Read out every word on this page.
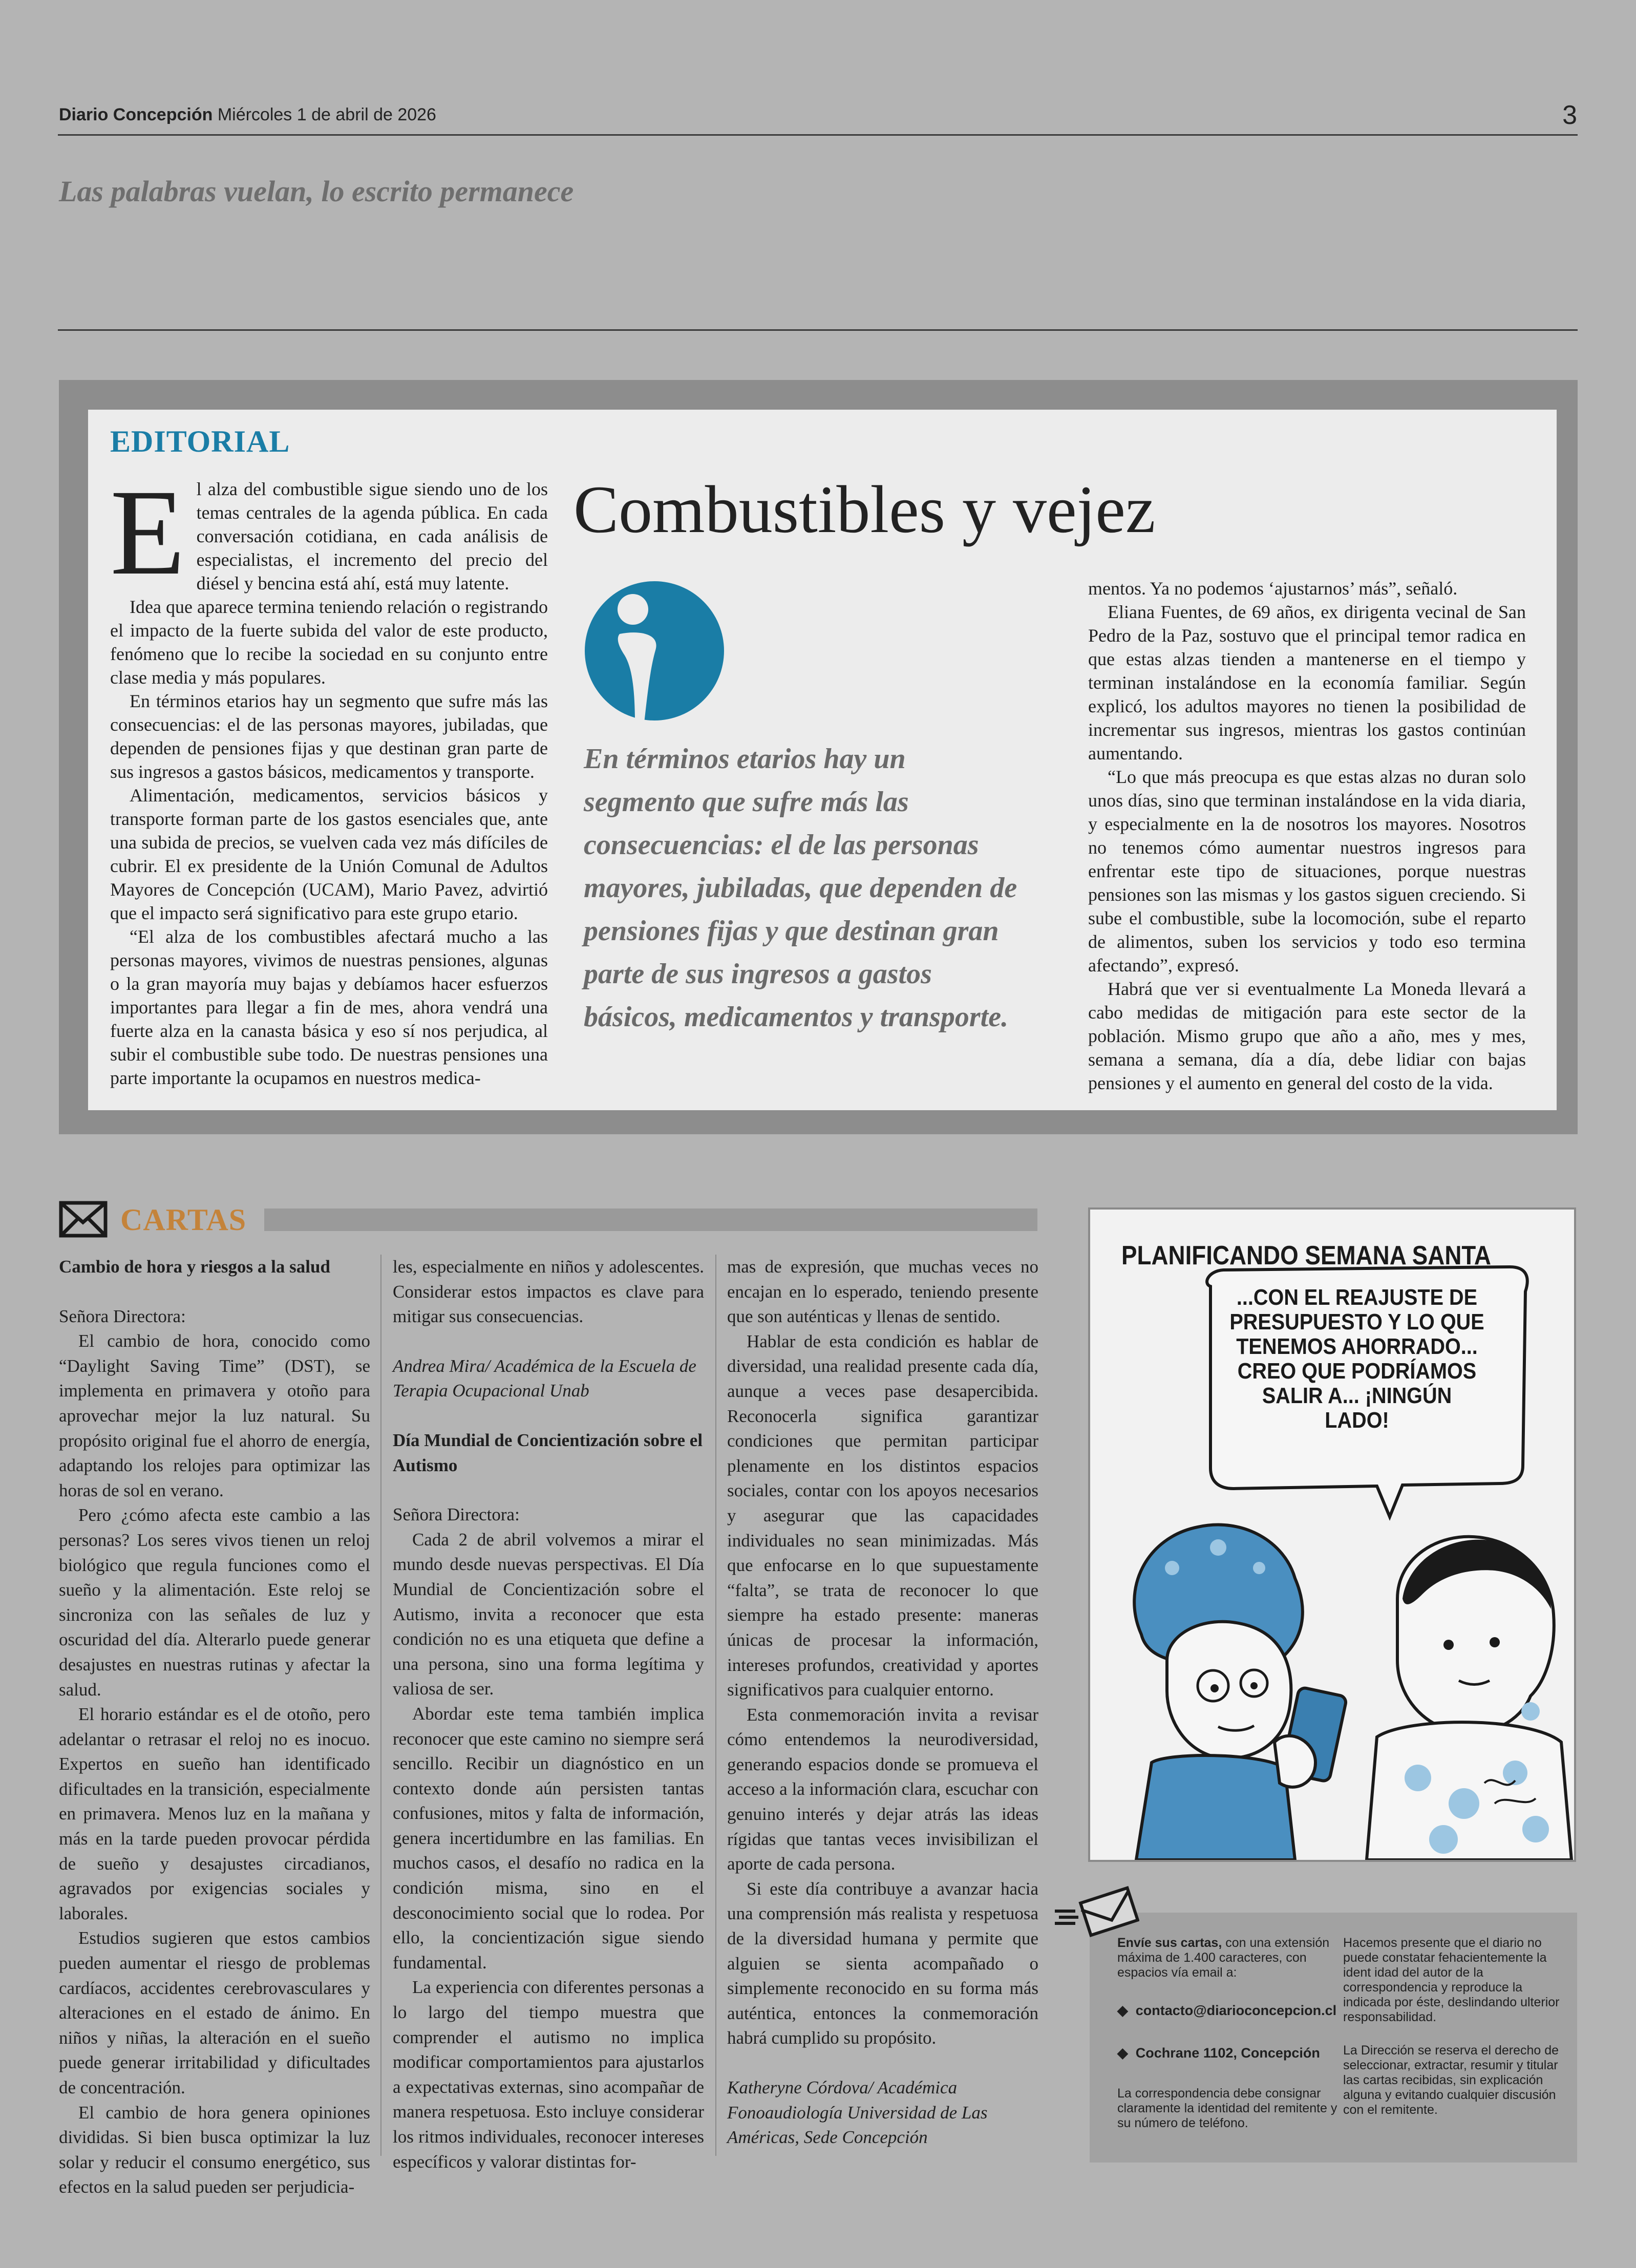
Diario Concepción Miércoles 1 de abril de 2026	3
Las palabras vuelan, lo escrito permanece
EDITORIAL
Combustibles y vejez

El alza del combustible sigue siendo uno de los temas centrales de la agenda pública. En cada conversación cotidiana, en cada análisis de especialistas, el incremento del precio del diésel y bencina está ahí, está muy latente.

Idea que aparece termina teniendo relación o registrando el impacto de la fuerte subida del valor de este producto, fenómeno que lo recibe la sociedad en su conjunto entre clase media y más populares.

En términos etarios hay un segmento que sufre más las consecuencias: el de las personas mayores, jubiladas, que dependen de pensiones fijas y que destinan gran parte de sus ingresos a gastos básicos, medicamentos y transporte.

Alimentación, medicamentos, servicios básicos y transporte forman parte de los gastos esenciales que, ante una subida de precios, se vuelven cada vez más difíciles de cubrir. El ex presidente de la Unión Comunal de Adultos Mayores de Concepción (UCAM), Mario Pavez, advirtió que el impacto será significativo para este grupo etario.

“El alza de los combustibles afectará mucho a las personas mayores, vivimos de nuestras pensiones, algunas o la gran mayoría muy bajas y debíamos hacer esfuerzos importantes para llegar a fin de mes, ahora vendrá una fuerte alza en la canasta básica y eso sí nos perjudica, al subir el combustible sube todo. De nuestras pensiones una parte importante la ocupamos en nuestros medica-

En términos etarios hay un segmento que sufre más las consecuencias: el de las personas mayores, jubiladas, que dependen de pensiones fijas y que destinan gran parte de sus ingresos a gastos básicos, medicamentos y transporte.

mentos. Ya no podemos ‘ajustarnos’ más”, señaló.

Eliana Fuentes, de 69 años, ex dirigenta vecinal de San Pedro de la Paz, sostuvo que el principal temor radica en que estas alzas tienden a mantenerse en el tiempo y terminan instalándose en la economía familiar. Según explicó, los adultos mayores no tienen la posibilidad de incrementar sus ingresos, mientras los gastos continúan aumentando.

“Lo que más preocupa es que estas alzas no duran solo unos días, sino que terminan instalándose en la vida diaria, y especialmente en la de nosotros los mayores. Nosotros no tenemos cómo aumentar nuestros ingresos para enfrentar este tipo de situaciones, porque nuestras pensiones son las mismas y los gastos siguen creciendo. Si sube el combustible, sube la locomoción, sube el reparto de alimentos, suben los servicios y todo eso termina afectando”, expresó.

Habrá que ver si eventualmente La Moneda llevará a cabo medidas de mitigación para este sector de la población. Mismo grupo que año a año, mes y mes, semana a semana, día a día, debe lidiar con bajas pensiones y el aumento en general del costo de la vida.

CARTAS

Cambio de hora y riesgos a la salud

Señora Directora:

El cambio de hora, conocido como “Daylight Saving Time” (DST), se implementa en primavera y otoño para aprovechar mejor la luz natural. Su propósito original fue el ahorro de energía, adaptando los relojes para optimizar las horas de sol en verano.

Pero ¿cómo afecta este cambio a las personas? Los seres vivos tienen un reloj biológico que regula funciones como el sueño y la alimentación. Este reloj se sincroniza con las señales de luz y oscuridad del día. Alterarlo puede generar desajustes en nuestras rutinas y afectar la salud.

El horario estándar es el de otoño, pero adelantar o retrasar el reloj no es inocuo. Expertos en sueño han identificado dificultades en la transición, especialmente en primavera. Menos luz en la mañana y más en la tarde pueden provocar pérdida de sueño y desajustes circadianos, agravados por exigencias sociales y laborales.

Estudios sugieren que estos cambios pueden aumentar el riesgo de problemas cardíacos, accidentes cerebrovasculares y alteraciones en el estado de ánimo. En niños y niñas, la alteración en el sueño puede generar irritabilidad y dificultades de concentración.

El cambio de hora genera opiniones divididas. Si bien busca optimizar la luz solar y reducir el consumo energético, sus efectos en la salud pueden ser perjudicia-

les, especialmente en niños y adolescentes. Considerar estos impactos es clave para mitigar sus consecuencias.

Andrea Mira/ Académica de la Escuela de Terapia Ocupacional Unab

Día Mundial de Concientización sobre el Autismo

Señora Directora:

Cada 2 de abril volvemos a mirar el mundo desde nuevas perspectivas. El Día Mundial de Concientización sobre el Autismo, invita a reconocer que esta condición no es una etiqueta que define a una persona, sino una forma legítima y valiosa de ser.

Abordar este tema también implica reconocer que este camino no siempre será sencillo. Recibir un diagnóstico en un contexto donde aún persisten tantas confusiones, mitos y falta de información, genera incertidumbre en las familias. En muchos casos, el desafío no radica en la condición misma, sino en el desconocimiento social que lo rodea. Por ello, la concientización sigue siendo fundamental.

La experiencia con diferentes personas a lo largo del tiempo muestra que comprender el autismo no implica modificar comportamientos para ajustarlos a expectativas externas, sino acompañar de manera respetuosa. Esto incluye considerar los ritmos individuales, reconocer intereses específicos y valorar distintas for-

mas de expresión, que muchas veces no encajan en lo esperado, teniendo presente que son auténticas y llenas de sentido.

Hablar de esta condición es hablar de diversidad, una realidad presente cada día, aunque a veces pase desapercibida. Reconocerla significa garantizar condiciones que permitan participar plenamente en los distintos espacios sociales, contar con los apoyos necesarios y asegurar que las capacidades individuales no sean minimizadas. Más que enfocarse en lo que supuestamente “falta”, se trata de reconocer lo que siempre ha estado presente: maneras únicas de procesar la información, intereses profundos, creatividad y aportes significativos para cualquier entorno.

Esta conmemoración invita a revisar cómo entendemos la neurodiversidad, generando espacios donde se promueva el acceso a la información clara, escuchar con genuino interés y dejar atrás las ideas rígidas que tantas veces invisibilizan el aporte de cada persona.

Si este día contribuye a avanzar hacia una comprensión más realista y respetuosa de la diversidad humana y permite que alguien se sienta acompañado o simplemente reconocido en su forma más auténtica, entonces la conmemoración habrá cumplido su propósito.

Katheryne Córdova/ Académica Fonoaudiología Universidad de Las Américas, Sede Concepción

PLANIFICANDO SEMANA SANTA
...CON EL REAJUSTE DE PRESUPUESTO Y LO QUE TENEMOS AHORRADO... CREO QUE PODRÍAMOS SALIR A... ¡NINGÚN LADO!
Envíe sus cartas, con una extensión máxima de 1.400 caracteres, con espacios vía email a:
◆  contacto@diarioconcepcion.cl
◆  Cochrane 1102, Concepción
La correspondencia debe consignar claramente la identidad del remitente y su número de teléfono.
Hacemos presente que el diario no puede constatar fehacientemente la ident idad del autor de la correspondencia y reproduce la indicada por éste, deslindando ulterior responsabilidad.
La Dirección se reserva el derecho de seleccionar, extractar, resumir y titular las cartas recibidas, sin explicación alguna y evitando cualquier discusión con el remitente.
